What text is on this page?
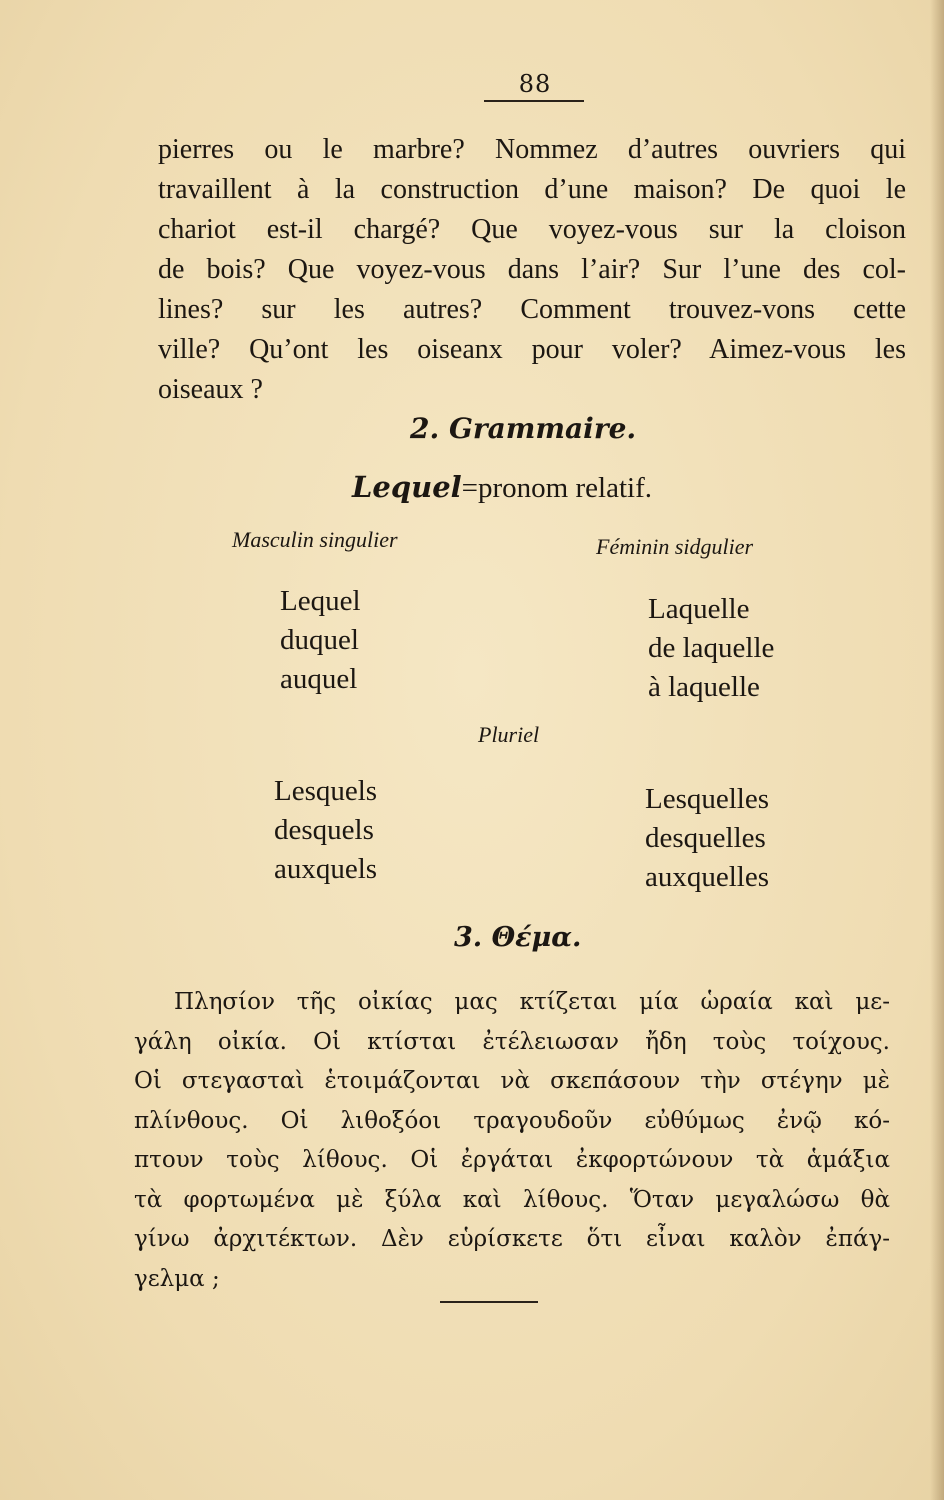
88
pierres ou le marbre? Nommez d’autres ouvriers qui
travaillent à la construction d’une maison? De quoi le
chariot est-il chargé? Que voyez-vous sur la cloison
de bois? Que voyez-vous dans l’air? Sur l’une des col-
lines? sur les autres? Comment trouvez-vons cette
ville? Qu’ont les oiseanx pour voler? Aimez-vous les
oiseaux ?
2. Grammaire.
Lequel=pronom relatif.
Masculin singulier	Féminin sidgulier
Lequel
duquel
auquel
Laquelle
de laquelle
à laquelle
Pluriel
Lesquels
desquels
auxquels
Lesquelles
desquelles
auxquelles
3. Θέμα.
Πλησίον τῆς οἰκίας μας κτίζεται μία ὡραία καὶ με-
γάλη οἰκία. Οἱ κτίσται ἐτέλειωσαν ἤδη τοὺς τοίχους.
Οἱ στεγασταὶ ἑτοιμάζονται νὰ σκεπάσουν τὴν στέγην μὲ
πλίνθους. Οἱ λιθοξόοι τραγουδοῦν εὐθύμως ἐνῷ κό-
πτουν τοὺς λίθους. Οἱ ἐργάται ἐκφορτώνουν τὰ ἁμάξια
τὰ φορτωμένα μὲ ξύλα καὶ λίθους. Ὅταν μεγαλώσω θὰ
γίνω ἀρχιτέκτων. Δὲν εὑρίσκετε ὅτι εἶναι καλὸν ἐπάγ-
γελμα ;
